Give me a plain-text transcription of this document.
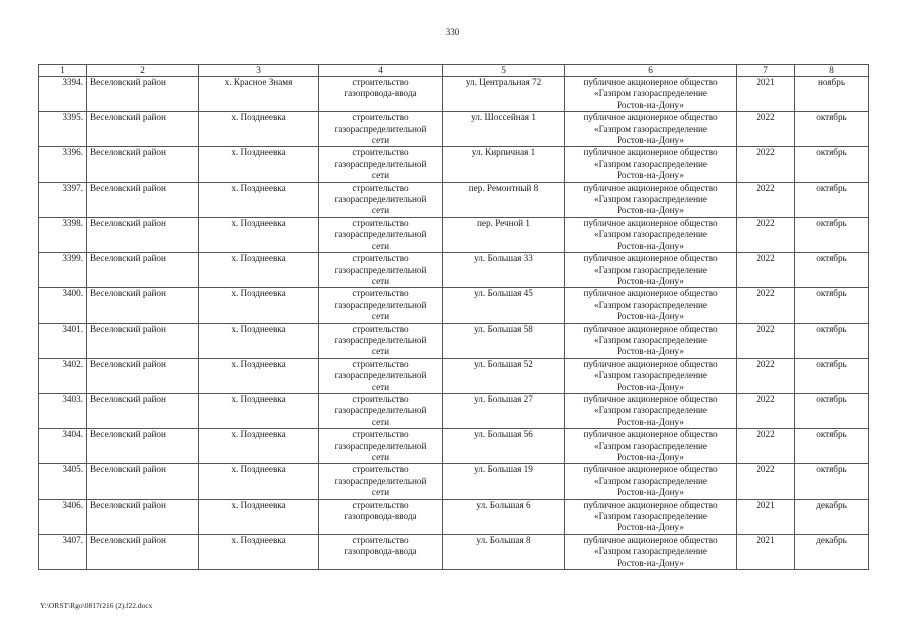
330
1	2	3	4	5	6	7	8
3394.	Веселовский район	х. Красное Знамя	строительство
газопровода-ввода	ул. Центральная 72	публичное акционерное общество
«Газпром газораспределение
Ростов-на-Дону»	2021	ноябрь
3395.	Веселовский район	х. Позднеевка	строительство
газораспределительной
сети	ул. Шоссейная 1	публичное акционерное общество
«Газпром газораспределение
Ростов-на-Дону»	2022	октябрь
3396.	Веселовский район	х. Позднеевка	строительство
газораспределительной
сети	ул. Кирпичная 1	публичное акционерное общество
«Газпром газораспределение
Ростов-на-Дону»	2022	октябрь
3397.	Веселовский район	х. Позднеевка	строительство
газораспределительной
сети	пер. Ремонтный 8	публичное акционерное общество
«Газпром газораспределение
Ростов-на-Дону»	2022	октябрь
3398.	Веселовский район	х. Позднеевка	строительство
газораспределительной
сети	пер. Речной 1	публичное акционерное общество
«Газпром газораспределение
Ростов-на-Дону»	2022	октябрь
3399.	Веселовский район	х. Позднеевка	строительство
газораспределительной
сети	ул. Большая 33	публичное акционерное общество
«Газпром газораспределение
Ростов-на-Дону»	2022	октябрь
3400.	Веселовский район	х. Позднеевка	строительство
газораспределительной
сети	ул. Большая 45	публичное акционерное общество
«Газпром газораспределение
Ростов-на-Дону»	2022	октябрь
3401.	Веселовский район	х. Позднеевка	строительство
газораспределительной
сети	ул. Большая 58	публичное акционерное общество
«Газпром газораспределение
Ростов-на-Дону»	2022	октябрь
3402.	Веселовский район	х. Позднеевка	строительство
газораспределительной
сети	ул. Большая 52	публичное акционерное общество
«Газпром газораспределение
Ростов-на-Дону»	2022	октябрь
3403.	Веселовский район	х. Позднеевка	строительство
газораспределительной
сети	ул. Большая 27	публичное акционерное общество
«Газпром газораспределение
Ростов-на-Дону»	2022	октябрь
3404.	Веселовский район	х. Позднеевка	строительство
газораспределительной
сети	ул. Большая 56	публичное акционерное общество
«Газпром газораспределение
Ростов-на-Дону»	2022	октябрь
3405.	Веселовский район	х. Позднеевка	строительство
газораспределительной
сети	ул. Большая 19	публичное акционерное общество
«Газпром газораспределение
Ростов-на-Дону»	2022	октябрь
3406.	Веселовский район	х. Позднеевка	строительство
газопровода-ввода	ул. Большая 6	публичное акционерное общество
«Газпром газораспределение
Ростов-на-Дону»	2021	декабрь
3407.	Веселовский район	х. Позднеевка	строительство
газопровода-ввода	ул. Большая 8	публичное акционерное общество
«Газпром газораспределение
Ростов-на-Дону»	2021	декабрь
Y:\ORST\Rgo\0817r216 (2).f22.docx
